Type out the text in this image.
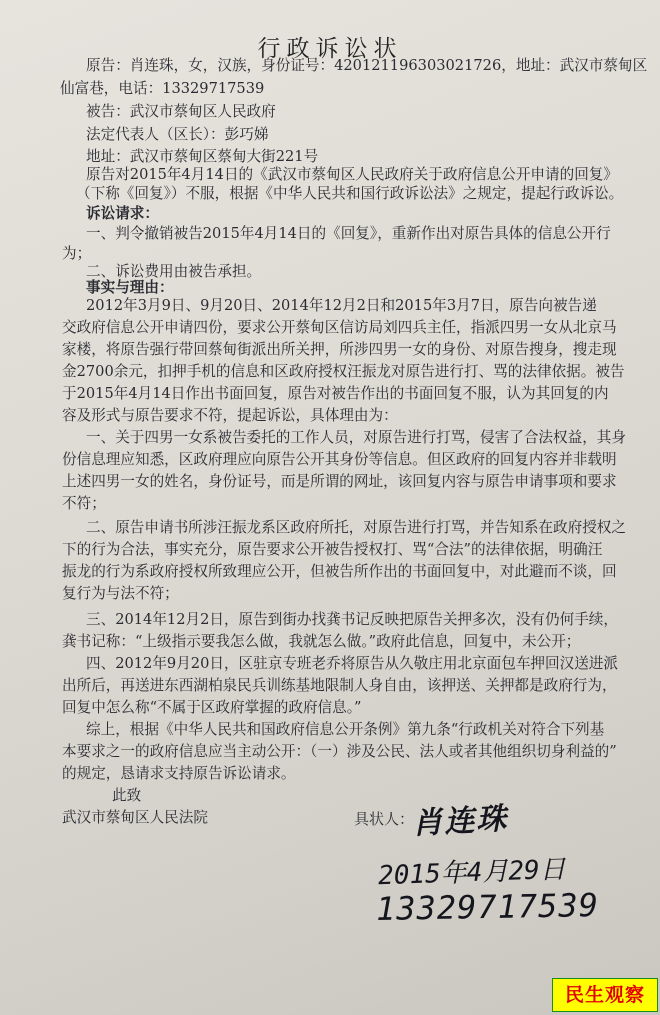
行政诉讼状
原告：肖连珠，女，汉族，身份证号：420121196303021726，地址：武汉市蔡甸区
仙富巷，电话：13329717539
被告：武汉市蔡甸区人民政府
法定代表人（区长）：彭巧娣
地址：武汉市蔡甸区蔡甸大街221号
原告对2015年4月14日的《武汉市蔡甸区人民政府关于政府信息公开申请的回复》
（下称《回复》）不服，根据《中华人民共和国行政诉讼法》之规定，提起行政诉讼。
诉讼请求：
一、判令撤销被告2015年4月14日的《回复》，重新作出对原告具体的信息公开行
为；
二、诉讼费用由被告承担。
事实与理由：
2012年3月9日、9月20日、2014年12月2日和2015年3月7日，原告向被告递
交政府信息公开申请四份，要求公开蔡甸区信访局刘四兵主任，指派四男一女从北京马
家楼，将原告强行带回蔡甸街派出所关押，所涉四男一女的身份、对原告搜身，搜走现
金2700余元，扣押手机的信息和区政府授权汪振龙对原告进行打、骂的法律依据。被告
于2015年4月14日作出书面回复，原告对被告作出的书面回复不服，认为其回复的内
容及形式与原告要求不符，提起诉讼，具体理由为：
一、关于四男一女系被告委托的工作人员，对原告进行打骂，侵害了合法权益，其身
份信息理应知悉，区政府理应向原告公开其身份等信息。但区政府的回复内容并非载明
上述四男一女的姓名，身份证号，而是所谓的网址，该回复内容与原告申请事项和要求
不符；
二、原告申请书所涉汪振龙系区政府所托，对原告进行打骂，并告知系在政府授权之
下的行为合法，事实充分，原告要求公开被告授权打、骂“合法”的法律依据，明确汪
振龙的行为系政府授权所致理应公开，但被告所作出的书面回复中，对此避而不谈，回
复行为与法不符；
三、2014年12月2日，原告到街办找龚书记反映把原告关押多次，没有仍何手续，
龚书记称：“上级指示要我怎么做，我就怎么做。”政府此信息，回复中，未公开；
四、2012年9月20日，区驻京专班老乔将原告从久敬庄用北京面包车押回汉送进派
出所后，再送进东西湖柏泉民兵训练基地限制人身自由，该押送、关押都是政府行为，
回复中怎么称“不属于区政府掌握的政府信息。”
综上，根据《中华人民共和国政府信息公开条例》第九条“行政机关对符合下列基
本要求之一的政府信息应当主动公开：（一）涉及公民、法人或者其他组织切身利益的”
的规定，恳请求支持原告诉讼请求。
此致
武汉市蔡甸区人民法院	具状人：
肖连珠
2015年4月29日
13329717539
民生观察
